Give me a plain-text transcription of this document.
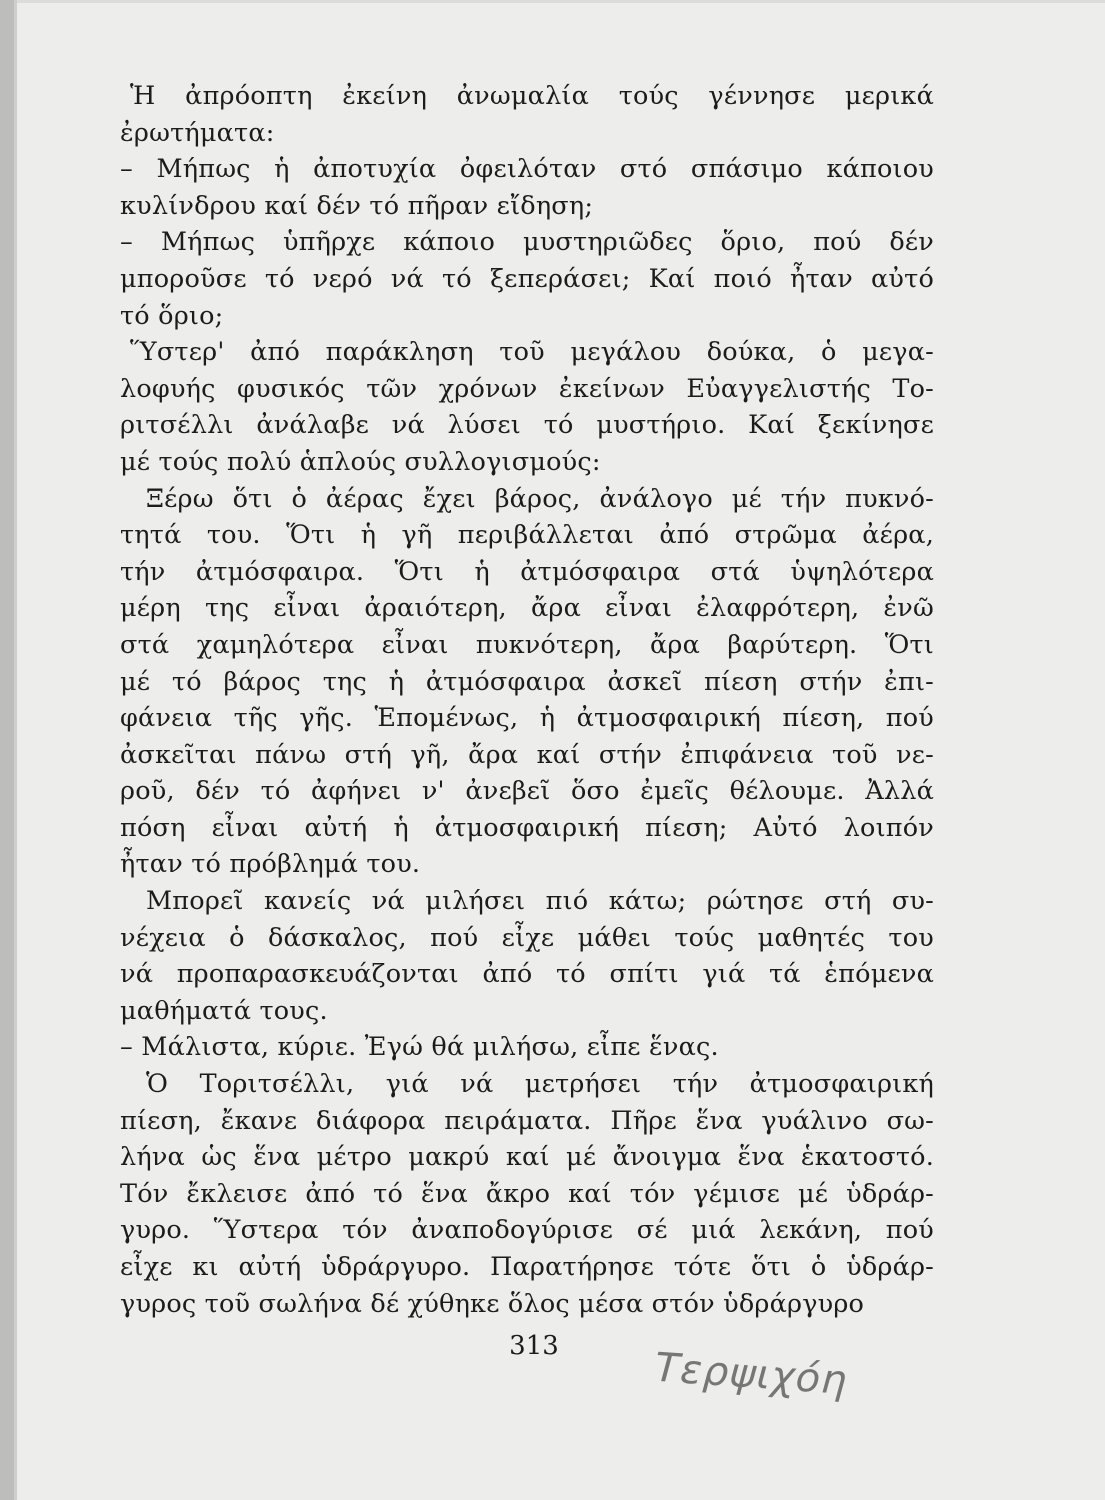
Ἡ ἀπρόοπτη ἐκείνη ἀνωμαλία τούς γέννησε μερικά
ἐρωτήματα:
– Μήπως ἡ ἀποτυχία ὀφειλόταν στό σπάσιμο κάποιου
κυλίνδρου καί δέν τό πῆραν εἴδηση;
– Μήπως ὑπῆρχε κάποιο μυστηριῶδες ὅριο, πού δέν
μποροῦσε τό νερό νά τό ξεπεράσει; Καί ποιό ἦταν αὐτό
τό ὅριο;
Ὕστερ' ἀπό παράκληση τοῦ μεγάλου δούκα, ὁ μεγα-
λοφυής φυσικός τῶν χρόνων ἐκείνων Εὐαγγελιστής Το-
ριτσέλλι ἀνάλαβε νά λύσει τό μυστήριο. Καί ξεκίνησε
μέ τούς πολύ ἁπλούς συλλογισμούς:
Ξέρω ὅτι ὁ ἀέρας ἔχει βάρος, ἀνάλογο μέ τήν πυκνό-
τητά του. Ὅτι ἡ γῆ περιβάλλεται ἀπό στρῶμα ἀέρα,
τήν ἀτμόσφαιρα. Ὅτι ἡ ἀτμόσφαιρα στά ὑψηλότερα
μέρη της εἶναι ἀραιότερη, ἄρα εἶναι ἐλαφρότερη, ἐνῶ
στά χαμηλότερα εἶναι πυκνότερη, ἄρα βαρύτερη. Ὅτι
μέ τό βάρος της ἡ ἀτμόσφαιρα ἀσκεῖ πίεση στήν ἐπι-
φάνεια τῆς γῆς. Ἑπομένως, ἡ ἀτμοσφαιρική πίεση, πού
ἀσκεῖται πάνω στή γῆ, ἄρα καί στήν ἐπιφάνεια τοῦ νε-
ροῦ, δέν τό ἀφήνει ν' ἀνεβεῖ ὅσο ἐμεῖς θέλουμε. Ἀλλά
πόση εἶναι αὐτή ἡ ἀτμοσφαιρική πίεση; Αὐτό λοιπόν
ἦταν τό πρόβλημά του.
Μπορεῖ κανείς νά μιλήσει πιό κάτω; ρώτησε στή συ-
νέχεια ὁ δάσκαλος, πού εἶχε μάθει τούς μαθητές του
νά προπαρασκευάζονται ἀπό τό σπίτι γιά τά ἑπόμενα
μαθήματά τους.
– Μάλιστα, κύριε. Ἐγώ θά μιλήσω, εἶπε ἕνας.
Ὁ Τοριτσέλλι, γιά νά μετρήσει τήν ἀτμοσφαιρική
πίεση, ἔκανε διάφορα πειράματα. Πῆρε ἕνα γυάλινο σω-
λήνα ὡς ἕνα μέτρο μακρύ καί μέ ἄνοιγμα ἕνα ἑκατοστό.
Τόν ἔκλεισε ἀπό τό ἕνα ἄκρο καί τόν γέμισε μέ ὑδράρ-
γυρο. Ὕστερα τόν ἀναποδογύρισε σέ μιά λεκάνη, πού
εἶχε κι αὐτή ὑδράργυρο. Παρατήρησε τότε ὅτι ὁ ὑδράρ-
γυρος τοῦ σωλήνα δέ χύθηκε ὅλος μέσα στόν ὑδράργυρο
313 Τερψιχόη
